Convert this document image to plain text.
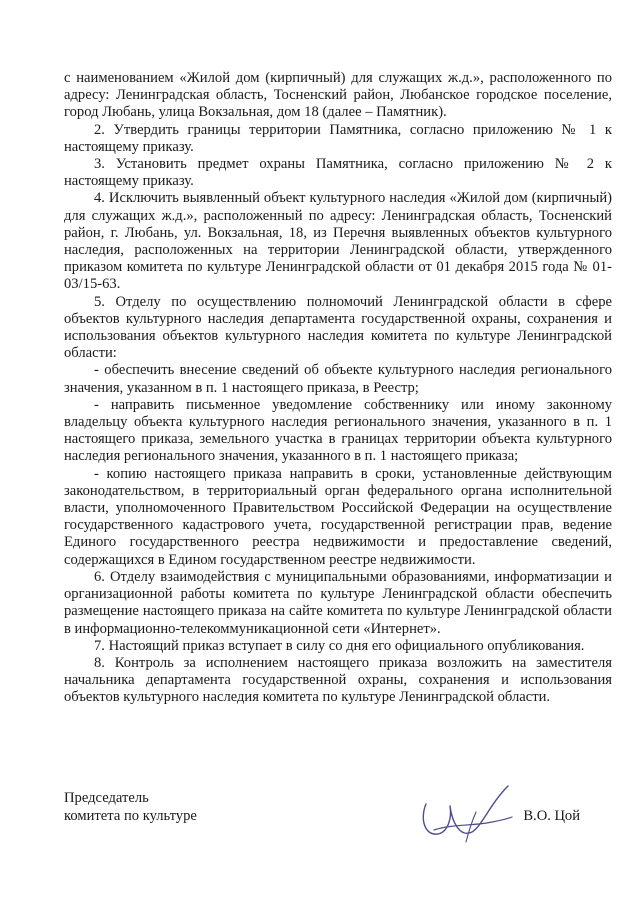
с наименованием «Жилой дом (кирпичный) для служащих ж.д.», расположенного по адресу: Ленинградская область, Тосненский район, Любанское городское поселение, город Любань, улица Вокзальная, дом 18 (далее – Памятник).

2. Утвердить границы территории Памятника, согласно приложению № 1 к настоящему приказу.

3. Установить предмет охраны Памятника, согласно приложению № 2 к настоящему приказу.

4. Исключить выявленный объект культурного наследия «Жилой дом (кирпичный) для служащих ж.д.», расположенный по адресу: Ленинградская область, Тосненский район, г. Любань, ул. Вокзальная, 18, из Перечня выявленных объектов культурного наследия, расположенных на территории Ленинградской области, утвержденного приказом комитета по культуре Ленинградской области от 01 декабря 2015 года № 01-03/15-63.

5. Отделу по осуществлению полномочий Ленинградской области в сфере объектов культурного наследия департамента государственной охраны, сохранения и использования объектов культурного наследия комитета по культуре Ленинградской области:

- обеспечить внесение сведений об объекте культурного наследия регионального значения, указанном в п. 1 настоящего приказа, в Реестр;

- направить письменное уведомление собственнику или иному законному владельцу объекта культурного наследия регионального значения, указанного в п. 1 настоящего приказа, земельного участка в границах территории объекта культурного наследия регионального значения, указанного в п. 1 настоящего приказа;

- копию настоящего приказа направить в сроки, установленные действующим законодательством, в территориальный орган федерального органа исполнительной власти, уполномоченного Правительством Российской Федерации на осуществление государственного кадастрового учета, государственной регистрации прав, ведение Единого государственного реестра недвижимости и предоставление сведений, содержащихся в Едином государственном реестре недвижимости.

6. Отделу взаимодействия с муниципальными образованиями, информатизации и организационной работы комитета по культуре Ленинградской области обеспечить размещение настоящего приказа на сайте комитета по культуре Ленинградской области в информационно-телекоммуникационной сети «Интернет».

7. Настоящий приказ вступает в силу со дня его официального опубликования.

8. Контроль за исполнением настоящего приказа возложить на заместителя начальника департамента государственной охраны, сохранения и использования объектов культурного наследия комитета по культуре Ленинградской области.

Председатель
комитета по культуре	В.О. Цой
